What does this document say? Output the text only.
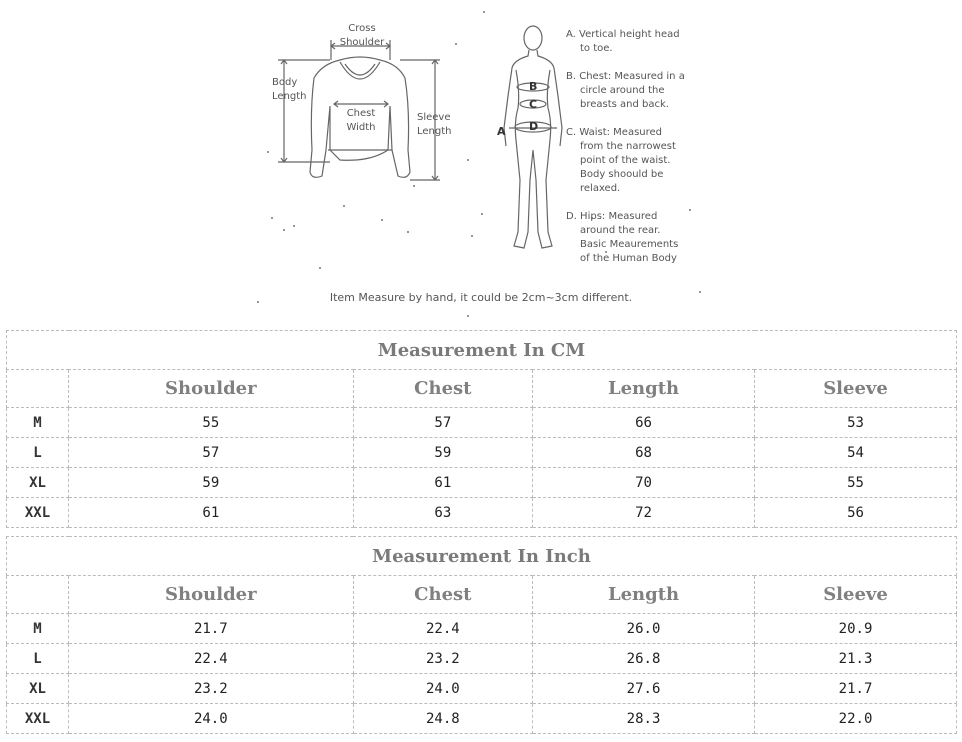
Cross
Shoulder
Body
Length
Chest
Width
Sleeve
Length	A
B
C
D
A. Vertical height head
to toe.
B. Chest: Measured in a
circle around the
breasts and back.
C. Waist: Measured
from the narrowest
point of the waist.
Body shoould be
relaxed.
D. Hips: Measured
around the rear.
Basic Meaurements
of the Human Body
Item Measure by hand, it could be 2cm~3cm different.
Measurement In CM				
	Shoulder	Chest	Length	Sleeve
M	55	57	66	53
L	57	59	68	54
XL	59	61	70	55
XXL	61	63	72	56
Measurement In Inch				
	Shoulder	Chest	Length	Sleeve
M	21.7	22.4	26.0	20.9
L	22.4	23.2	26.8	21.3
XL	23.2	24.0	27.6	21.7
XXL	24.0	24.8	28.3	22.0
